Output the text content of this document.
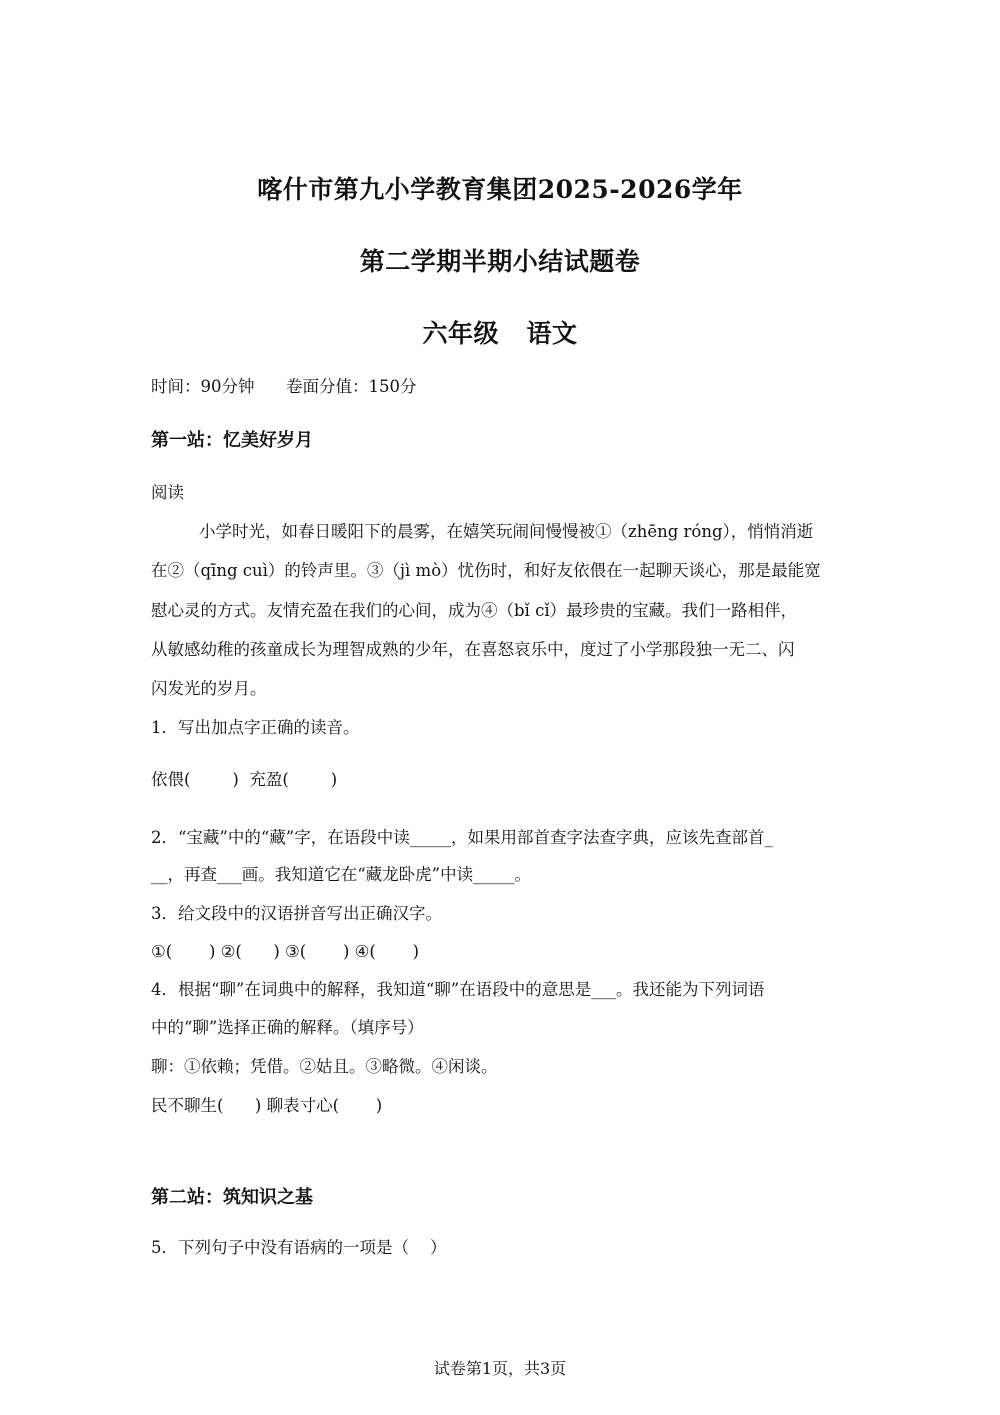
喀什市第九小学教育集团2025-2026学年
第二学期半期小结试题卷
六年级   语文
时间：90分钟      卷面分值：150分
第一站：忆美好岁月
阅读
小学时光，如春日暖阳下的晨雾，在嬉笑玩闹间慢慢被①（zhēng róng），悄悄消逝
在②（qīng cuì）的铃声里。③（jì mò）忧伤时，和好友依偎在一起聊天谈心，那是最能宽
慰心灵的方式。友情充盈在我们的心间，成为④（bǐ cǐ）最珍贵的宝藏。我们一路相伴，
从敏感幼稚的孩童成长为理智成熟的少年，在喜怒哀乐中，度过了小学那段独一无二、闪
闪发光的岁月。
1．写出加点字正确的读音。
依偎(        )  充盈(        )
2．“宝藏”中的“藏”字，在语段中读_____，如果用部首查字法查字典，应该先查部首_
__，再查___画。我知道它在“藏龙卧虎”中读_____。
3．给文段中的汉语拼音写出正确汉字。
①(       ) ②(      ) ③(       ) ④(       )
4．根据“聊”在词典中的解释，我知道“聊”在语段中的意思是___。我还能为下列词语
中的“聊”选择正确的解释。（填序号）
聊：①依赖；凭借。②姑且。③略微。④闲谈。
民不聊生(      ) 聊表寸心(       )
第二站：筑知识之基
5．下列句子中没有语病的一项是（    ）
试卷第1页，共3页
